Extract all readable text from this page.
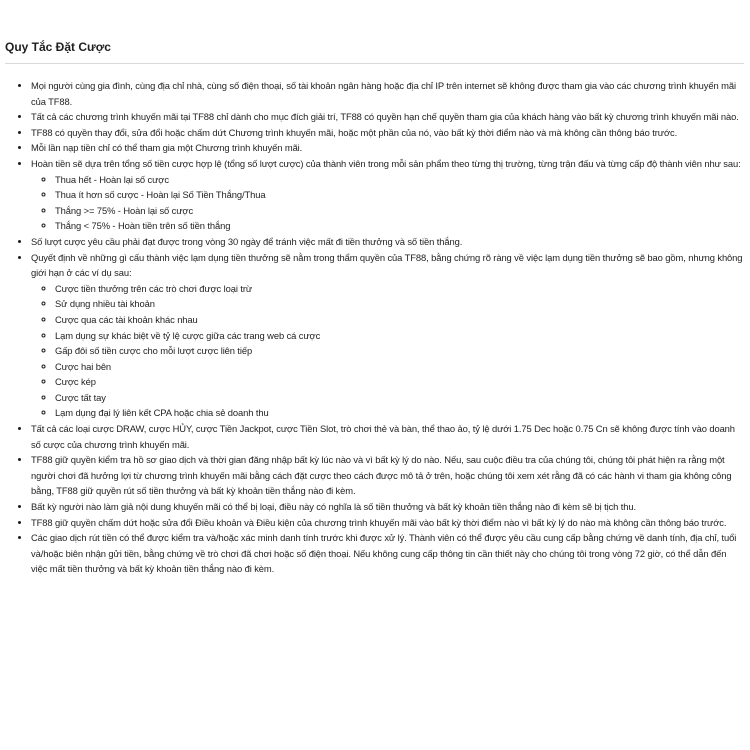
Quy Tắc Đặt Cược
• Mọi người cùng gia đình, cùng địa chỉ nhà, cùng số điện thoại, số tài khoản ngân hàng hoặc địa chỉ IP trên internet sẽ không được tham gia vào các chương trình khuyến mãi của TF88.
• Tất cả các chương trình khuyến mãi tại TF88 chỉ dành cho mục đích giải trí, TF88 có quyền hạn chế quyền tham gia của khách hàng vào bất kỳ chương trình khuyến mãi nào.
• TF88 có quyền thay đổi, sửa đổi hoặc chấm dứt Chương trình khuyến mãi, hoặc một phần của nó, vào bất kỳ thời điểm nào và mà không cần thông báo trước.
• Mỗi lần nạp tiền chỉ có thể tham gia một Chương trình khuyến mãi.
• Hoàn tiền sẽ dựa trên tổng số tiền cược hợp lệ (tổng số lượt cược) của thành viên trong mỗi sản phẩm theo từng thị trường, từng trận đấu và từng cấp độ thành viên như sau:
◦ Thua hết - Hoàn lại số cược
◦ Thua ít hơn số cược - Hoàn lại Số Tiền Thắng/Thua
◦ Thắng >= 75% - Hoàn lại số cược
◦ Thắng < 75% - Hoàn tiền trên số tiền thắng
• Số lượt cược yêu cầu phải đạt được trong vòng 30 ngày để tránh việc mất đi tiền thưởng và số tiền thắng.
• Quyết định về những gì cấu thành việc lạm dụng tiền thưởng sẽ nằm trong thẩm quyền của TF88, bằng chứng rõ ràng về việc lạm dụng tiền thưởng sẽ bao gồm, nhưng không giới hạn ở các ví dụ sau:
◦ Cược tiền thưởng trên các trò chơi được loại trừ
◦ Sử dụng nhiều tài khoản
◦ Cược qua các tài khoản khác nhau
◦ Lạm dụng sự khác biệt về tỷ lệ cược giữa các trang web cá cược
◦ Gấp đôi số tiền cược cho mỗi lượt cược liên tiếp
◦ Cược hai bên
◦ Cược kép
◦ Cược tất tay
◦ Lạm dụng đại lý liên kết CPA hoặc chia sẻ doanh thu
• Tất cả các loại cược DRAW, cược HỦY, cược Tiền Jackpot, cược Tiền Slot, trò chơi thẻ và bàn, thể thao ảo, tỷ lệ dưới 1.75 Dec hoặc 0.75 Cn sẽ không được tính vào doanh số cược của chương trình khuyến mãi.
• TF88 giữ quyền kiểm tra hồ sơ giao dịch và thời gian đăng nhập bất kỳ lúc nào và vì bất kỳ lý do nào. Nếu, sau cuộc điều tra của chúng tôi, chúng tôi phát hiện ra rằng một người chơi đã hưởng lợi từ chương trình khuyến mãi bằng cách đặt cược theo cách được mô tả ở trên, hoặc chúng tôi xem xét rằng đã có các hành vi tham gia không công bằng, TF88 giữ quyền rút số tiền thưởng và bất kỳ khoản tiền thắng nào đi kèm.
• Bất kỳ người nào làm giả nội dung khuyến mãi có thể bị loại, điều này có nghĩa là số tiền thưởng và bất kỳ khoản tiền thắng nào đi kèm sẽ bị tịch thu.
• TF88 giữ quyền chấm dứt hoặc sửa đổi Điều khoản và Điều kiện của chương trình khuyến mãi vào bất kỳ thời điểm nào vì bất kỳ lý do nào mà không cần thông báo trước.
• Các giao dịch rút tiền có thể được kiểm tra và/hoặc xác minh danh tính trước khi được xử lý. Thành viên có thể được yêu cầu cung cấp bằng chứng về danh tính, địa chỉ, tuổi và/hoặc biên nhận gửi tiền, bằng chứng về trò chơi đã chơi hoặc số điện thoại. Nếu không cung cấp thông tin cần thiết này cho chúng tôi trong vòng 72 giờ, có thể dẫn đến việc mất tiền thưởng và bất kỳ khoản tiền thắng nào đi kèm.
